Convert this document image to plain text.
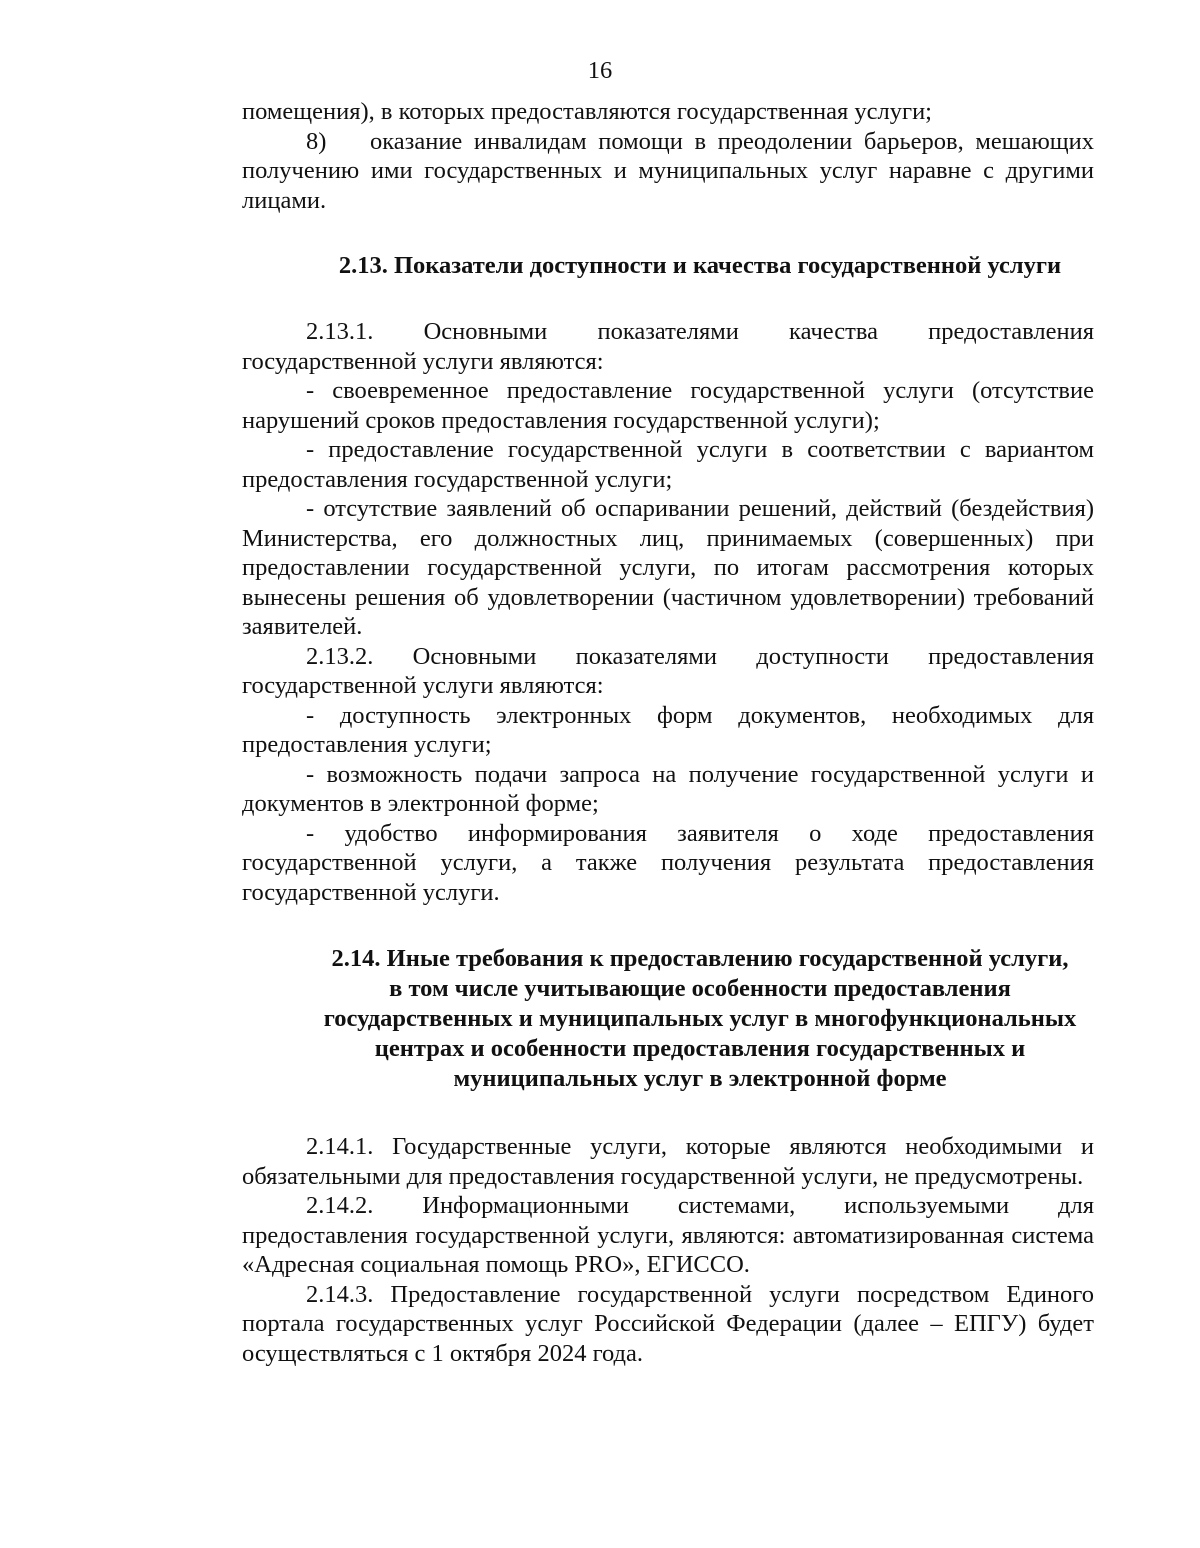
16

помещения), в которых предоставляются государственная услуги;

8) оказание инвалидам помощи в преодолении барьеров, мешающих получению ими государственных и муниципальных услуг наравне с другими лицами.

2.13. Показатели доступности и качества государственной услуги

2.13.1. Основными показателями качества предоставления государственной услуги являются:

- своевременное предоставление государственной услуги (отсутствие нарушений сроков предоставления государственной услуги);

- предоставление государственной услуги в соответствии с вариантом предоставления государственной услуги;

- отсутствие заявлений об оспаривании решений, действий (бездействия) Министерства, его должностных лиц, принимаемых (совершенных) при предоставлении государственной услуги, по итогам рассмотрения которых вынесены решения об удовлетворении (частичном удовлетворении) требований заявителей.

2.13.2. Основными показателями доступности предоставления государственной услуги являются:

- доступность электронных форм документов, необходимых для предоставления услуги;

- возможность подачи запроса на получение государственной услуги и документов в электронной форме;

- удобство информирования заявителя о ходе предоставления государственной услуги, а также получения результата предоставления государственной услуги.

2.14. Иные требования к предоставлению государственной услуги,
в том числе учитывающие особенности предоставления
государственных и муниципальных услуг в многофункциональных
центрах и особенности предоставления государственных и
муниципальных услуг в электронной форме

2.14.1. Государственные услуги, которые являются необходимыми и обязательными для предоставления государственной услуги, не предусмотрены.

2.14.2. Информационными системами, используемыми для предоставления государственной услуги, являются: автоматизированная система «Адресная социальная помощь PRO», ЕГИССО.

2.14.3. Предоставление государственной услуги посредством Единого портала государственных услуг Российской Федерации (далее – ЕПГУ) будет осуществляться с 1 октября 2024 года.
